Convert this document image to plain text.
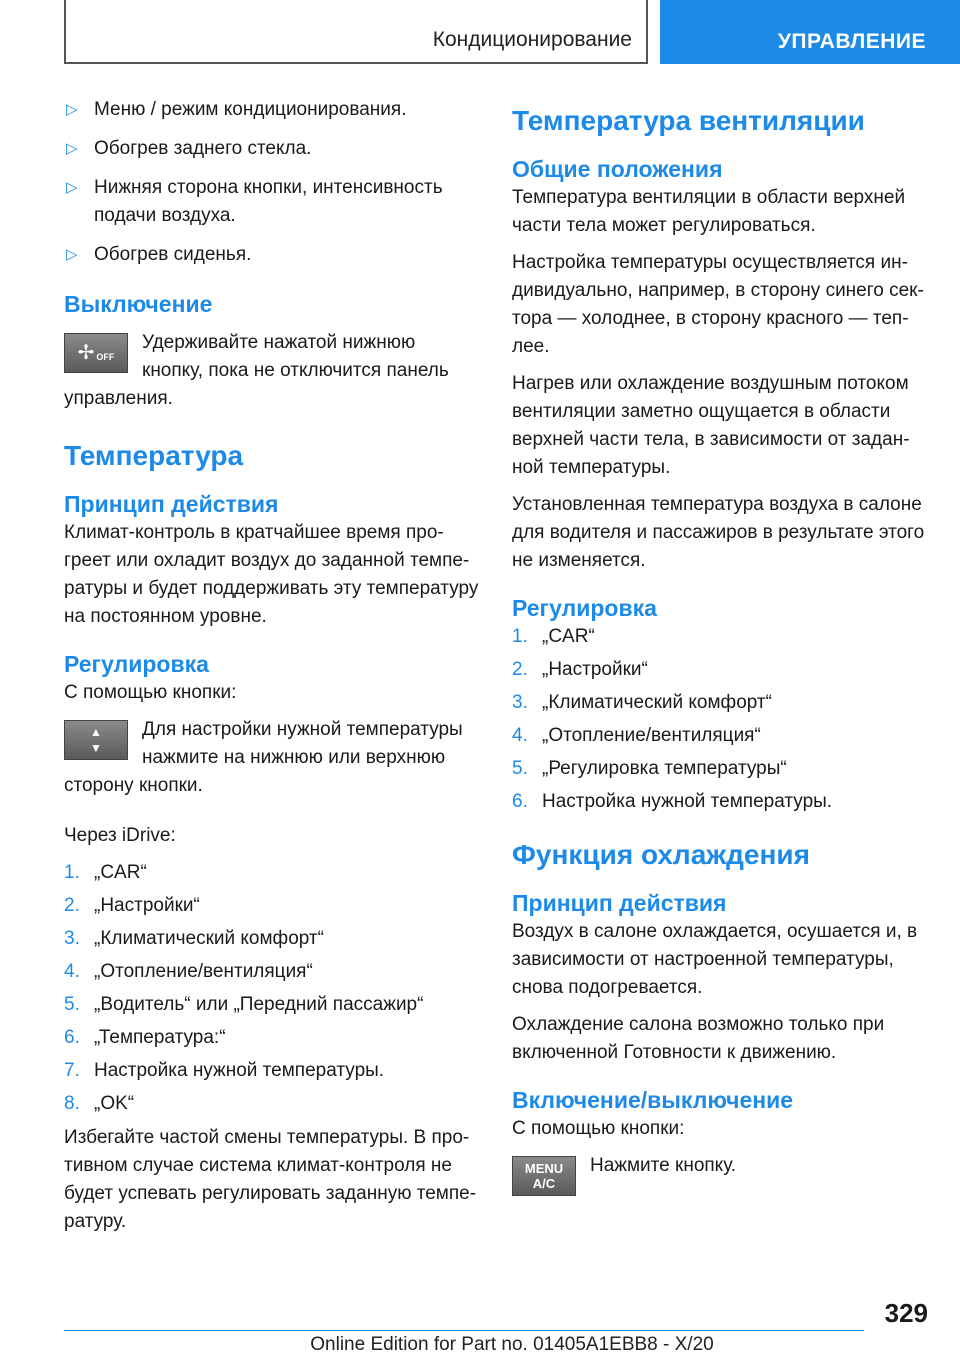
Кондиционирование	УПРАВЛЕНИЕ
▷ Меню / режим кондиционирования.
▷ Обогрев заднего стекла.
▷ Нижняя сторона кнопки, интенсивность подачи воздуха.
▷ Обогрев сиденья.
Выключение
✢ OFF
Удерживайте нажатой нижнюю кнопку, пока не отключится панель управления.
Температура
Принцип действия

Климат-контроль в кратчайшее время про-греет или охладит воздух до заданной темпе-ратуры и будет поддерживать эту температуру на постоянном уровне.

Регулировка

С помощью кнопки:

▲
▼
Для настройки нужной температуры нажмите на нижнюю или верхнюю сторону кнопки.

Через iDrive:

1. „CAR“
2. „Настройки“
3. „Климатический комфорт“
4. „Отопление/вентиляция“
5. „Водитель“ или „Передний пассажир“
6. „Температура:“
7. Настройка нужной температуры.
8. „OK“

Избегайте частой смены температуры. В про-тивном случае система климат-контроля не будет успевать регулировать заданную темпе-ратуру.

Температура вентиляции
Общие положения

Температура вентиляции в области верхней части тела может регулироваться.

Настройка температуры осуществляется ин-дивидуально, например, в сторону синего сек-тора — холоднее, в сторону красного — теп-лее.

Нагрев или охлаждение воздушным потоком вентиляции заметно ощущается в области верхней части тела, в зависимости от задан-ной температуры.

Установленная температура воздуха в салоне для водителя и пассажиров в результате этого не изменяется.

Регулировка
1. „CAR“
2. „Настройки“
3. „Климатический комфорт“
4. „Отопление/вентиляция“
5. „Регулировка температуры“
6. Настройка нужной температуры.
Функция охлаждения
Принцип действия

Воздух в салоне охлаждается, осушается и, в зависимости от настроенной температуры, снова подогревается.

Охлаждение салона возможно только при включенной Готовности к движению.

Включение/выключение

С помощью кнопки:

MENU
A/C
Нажмите кнопку.
329
Online Edition for Part no. 01405A1EBB8 - X/20
